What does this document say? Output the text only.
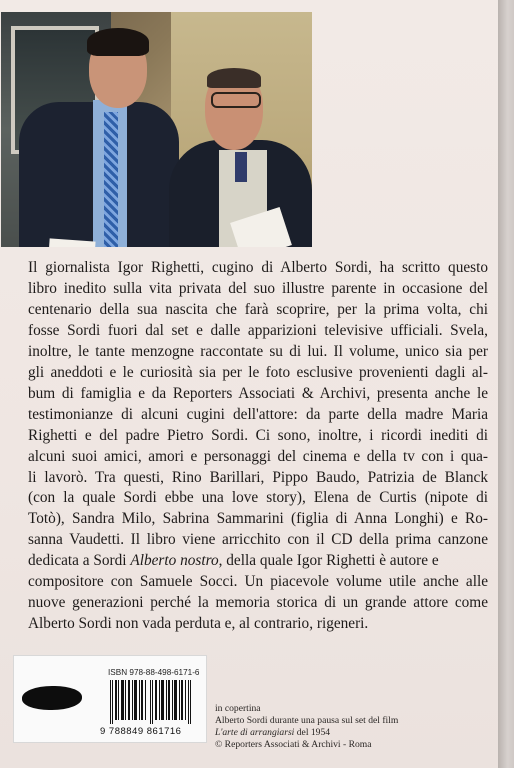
Il giornalista Igor Righetti, cugino di Alberto Sordi, ha scritto questo

libro inedito sulla vita privata del suo illustre parente in occasione del

centenario della sua nascita che farà scoprire, per la prima volta, chi

fosse Sordi fuori dal set e dalle apparizioni televisive ufficiali. Svela,

inoltre, le tante menzogne raccontate su di lui. Il volume, unico sia per

gli aneddoti e le curiosità sia per le foto esclusive provenienti dagli al-

bum di famiglia e da Reporters Associati & Archivi, presenta anche le

testimonianze di alcuni cugini dell'attore: da parte della madre Maria

Righetti e del padre Pietro Sordi. Ci sono, inoltre, i ricordi inediti di

alcuni suoi amici, amori e personaggi del cinema e della tv con i qua-

li lavorò. Tra questi, Rino Barillari, Pippo Baudo, Patrizia de Blanck

(con la quale Sordi ebbe una love story), Elena de Curtis (nipote di

Totò), Sandra Milo, Sabrina Sammarini (figlia di Anna Longhi) e Ro-

sanna Vaudetti. Il libro viene arricchito con il CD della prima canzone

dedicata a Sordi Alberto nostro, della quale Igor Righetti è autore e

compositore con Samuele Socci. Un piacevole volume utile anche alle

nuove generazioni perché la memoria storica di un grande attore come

Alberto Sordi non vada perduta e, al contrario, rigeneri.

ISBN 978-88-498-6171-6
9 788849 861716
in copertina
Alberto Sordi durante una pausa sul set del film
L'arte di arrangiarsi del 1954
© Reporters Associati & Archivi - Roma
